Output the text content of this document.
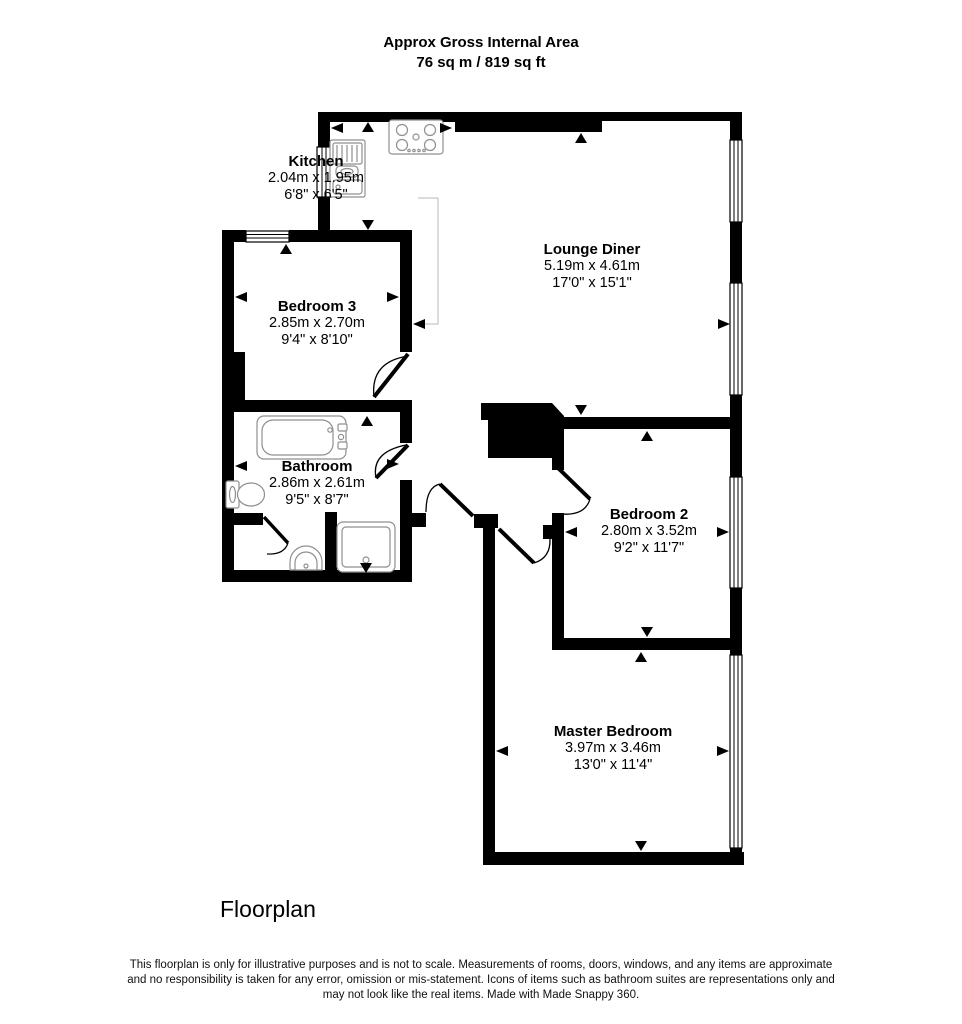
Approx Gross Internal Area
76 sq m / 819 sq ft
Kitchen
2.04m x 1.95m
6'8" x 6'5"
Lounge Diner
5.19m x 4.61m
17'0" x 15'1"
Bedroom 3
2.85m x 2.70m
9'4" x 8'10"
Bathroom
2.86m x 2.61m
9'5" x 8'7"
Bedroom 2
2.80m x 3.52m
9'2" x 11'7"
Master Bedroom
3.97m x 3.46m
13'0" x 11'4"
Floorplan
This floorplan is only for illustrative purposes and is not to scale. Measurements of rooms, doors, windows, and any items are approximate
and no responsibility is taken for any error, omission or mis-statement. Icons of items such as bathroom suites are representations only and
may not look like the real items. Made with Made Snappy 360.
